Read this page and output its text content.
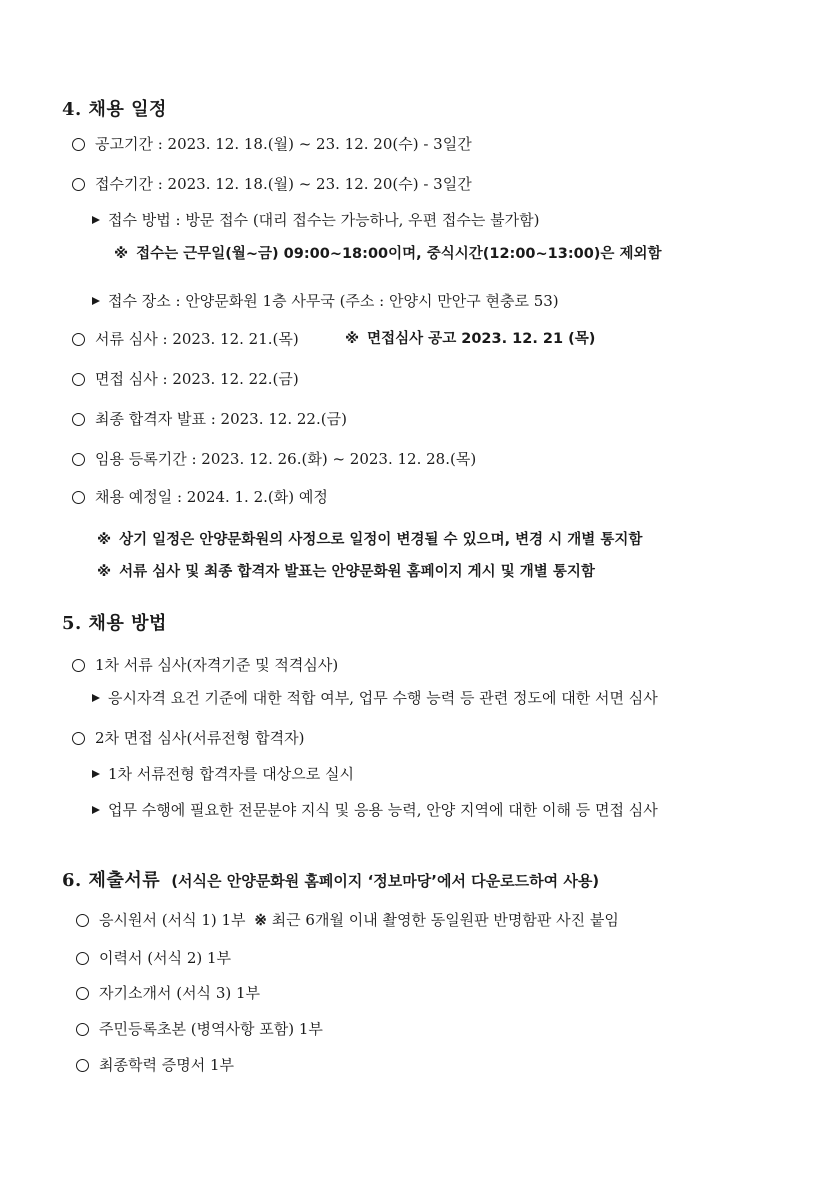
4. 채용 일정
공고기간 : 2023. 12. 18.(월) ~ 23. 12. 20(수) - 3일간
접수기간 : 2023. 12. 18.(월) ~ 23. 12. 20(수) - 3일간
접수 방법 : 방문 접수 (대리 접수는 가능하나, 우편 접수는 불가함)
※ 접수는 근무일(월~금) 09:00~18:00이며, 중식시간(12:00~13:00)은 제외함
접수 장소 : 안양문화원 1층 사무국 (주소 : 안양시 만안구 현충로 53)
서류 심사 : 2023. 12. 21.(목)	※ 면접심사 공고 2023. 12. 21 (목)
면접 심사 : 2023. 12. 22.(금)
최종 합격자 발표 : 2023. 12. 22.(금)
임용 등록기간 : 2023. 12. 26.(화) ~ 2023. 12. 28.(목)
채용 예정일 : 2024. 1. 2.(화) 예정
※ 상기 일정은 안양문화원의 사정으로 일정이 변경될 수 있으며, 변경 시 개별 통지함
※ 서류 심사 및 최종 합격자 발표는 안양문화원 홈페이지 게시 및 개별 통지함
5. 채용 방법
1차 서류 심사(자격기준 및 적격심사)
응시자격 요건 기준에 대한 적합 여부, 업무 수행 능력 등 관련 정도에 대한 서면 심사
2차 면접 심사(서류전형 합격자)
1차 서류전형 합격자를 대상으로 실시
업무 수행에 필요한 전문분야 지식 및 응용 능력, 안양 지역에 대한 이해 등 면접 심사
6. 제출서류 (서식은 안양문화원 홈페이지 ‘정보마당’에서 다운로드하여 사용)
응시원서 (서식 1) 1부 ※ 최근 6개월 이내 촬영한 동일원판 반명함판 사진 붙임
이력서 (서식 2) 1부
자기소개서 (서식 3) 1부
주민등록초본 (병역사항 포함) 1부
최종학력 증명서 1부
